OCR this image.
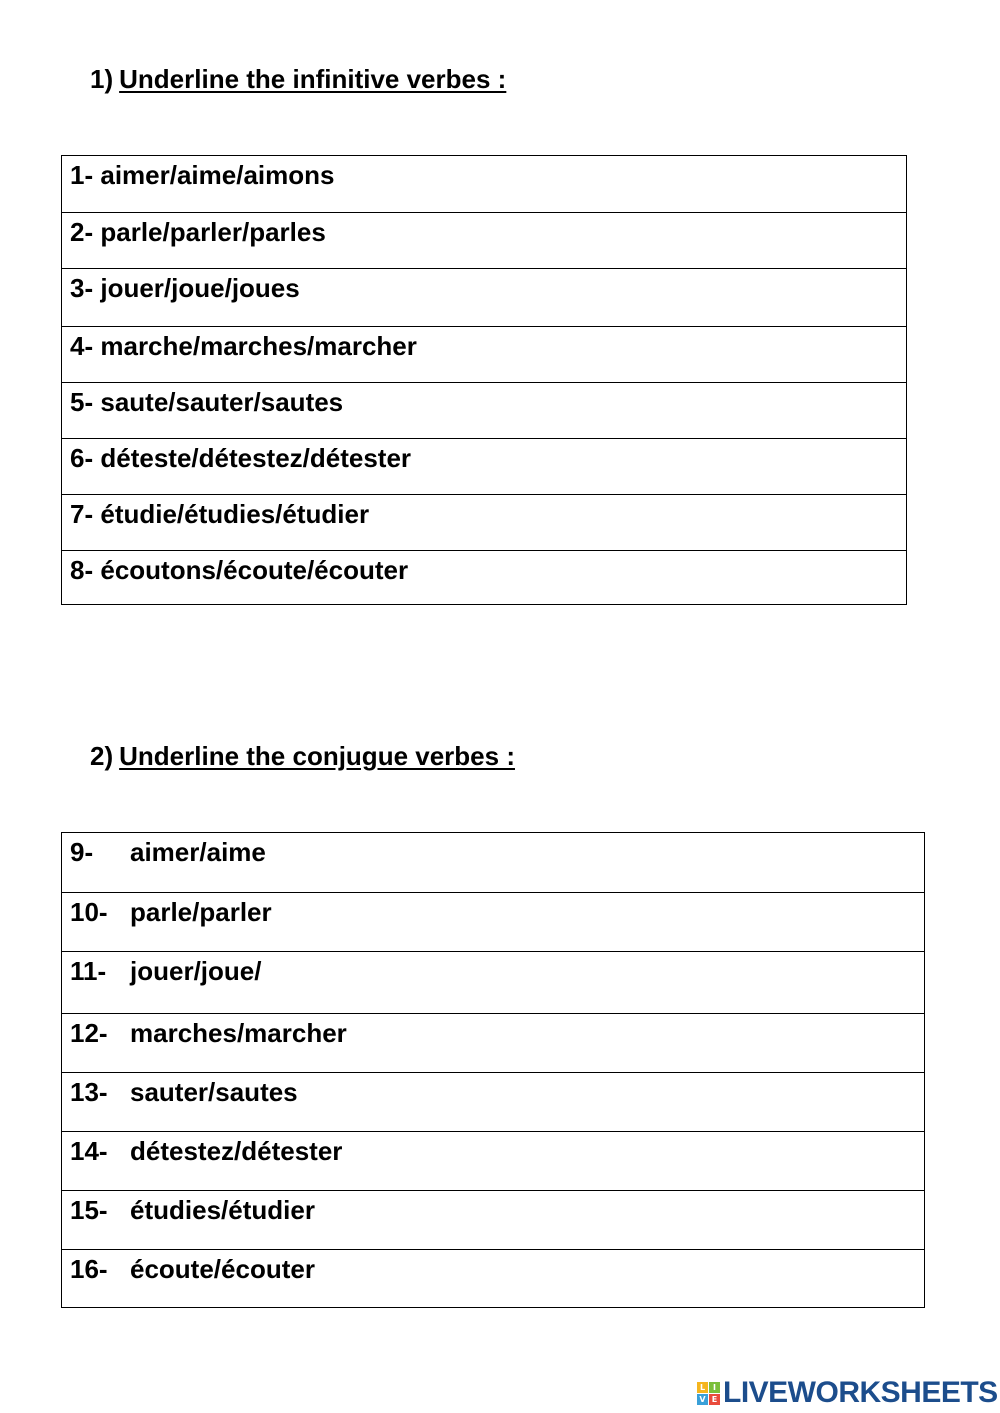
1) Underline the infinitive verbes :
1- aimer/aime/aimons
2- parle/parler/parles
3- jouer/joue/joues
4- marche/marches/marcher
5- saute/sauter/sautes
6- déteste/détestez/détester
7- étudie/étudies/étudier
8- écoutons/écoute/écouter
2) Underline the conjugue verbes :
9- aimer/aime
10- parle/parler
11- jouer/joue/
12- marches/marcher
13- sauter/sautes
14- détestez/détester
15- étudies/étudier
16- écoute/écouter
L I
V E LIVEWORKSHEETS
